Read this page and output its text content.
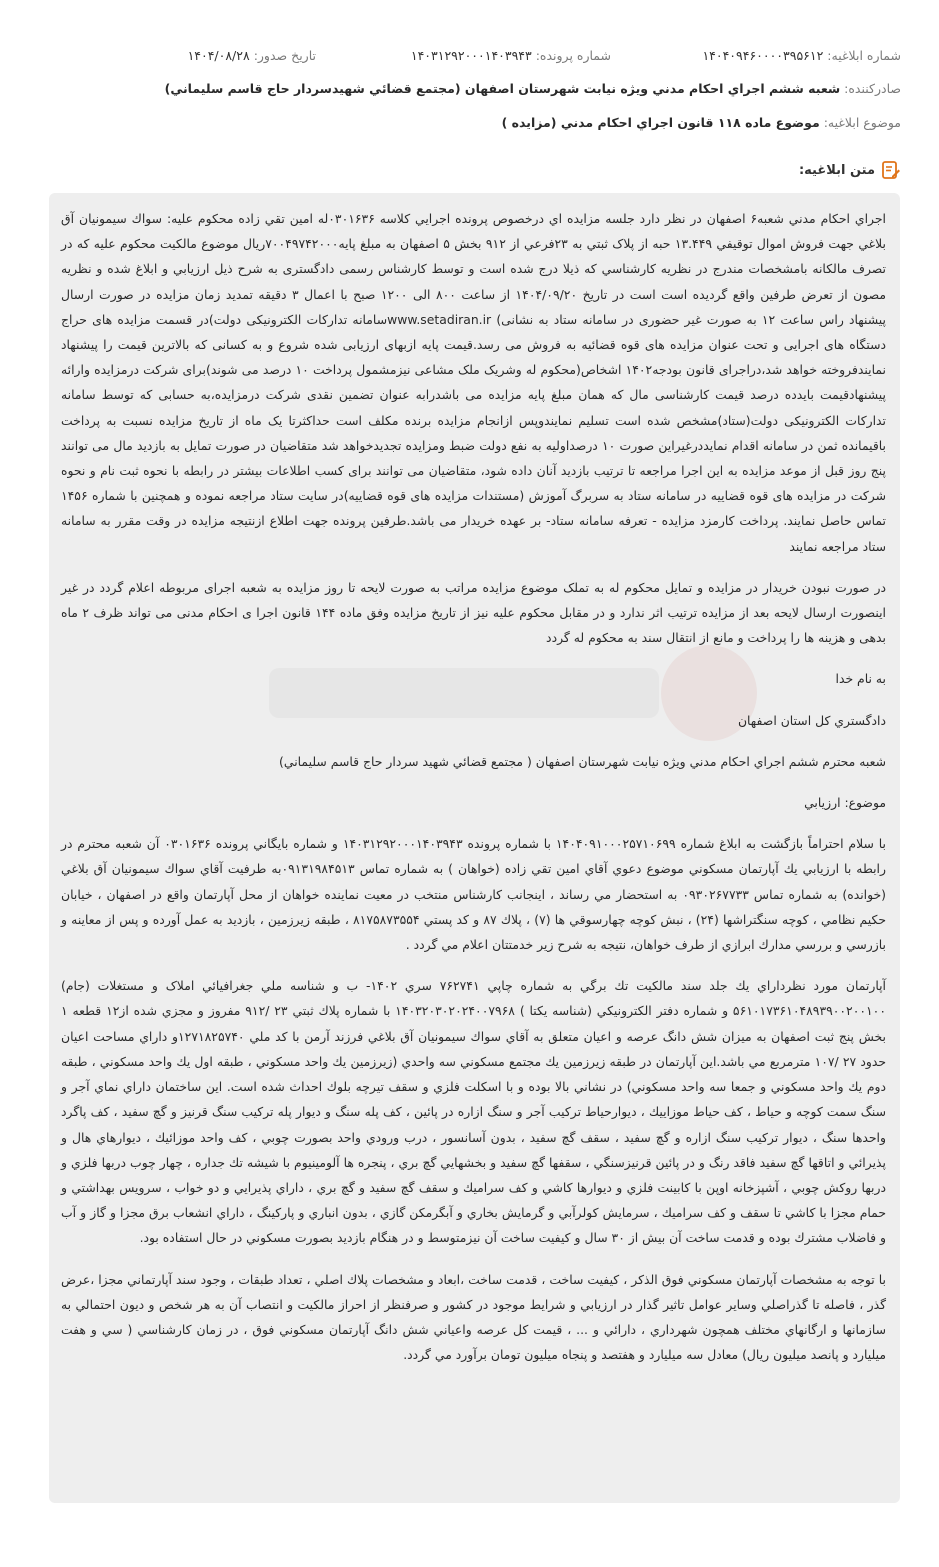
شماره ابلاغيه: ۱۴۰۴۰۹۴۶۰۰۰۰۳۹۵۶۱۲
شماره پرونده: ۱۴۰۳۱۲۹۲۰۰۰۱۴۰۳۹۴۳
تاريخ صدور: ۱۴۰۴/۰۸/۲۸
صادرکننده: شعبه ششم اجراي احكام مدني ويژه نيابت شهرستان اصفهان (مجتمع قضائي شهيدسردار حاج قاسم سليماني)
موضوع ابلاغيه: موضوع ماده ۱۱۸ قانون اجراي احکام مدني (مزايده )
متن ابلاغيه:

اجراي احكام مدني شعبه۶ اصفهان در نظر دارد جلسه مزايده اي درخصوص پرونده اجرايي كلاسه ۰۳۰۱۶۳۶له امين تقي زاده محكوم عليه: سواك سيمونيان آق بلاغي جهت فروش اموال توقيفي ۱۳.۴۴۹ حبه از پلاک ثبتي به ۲۳فرعي از ۹۱۲ بخش ۵ اصفهان به مبلغ پايه۷۰۰۴۹۷۴۲۰۰۰ريال موضوع مالكيت محكوم عليه كه در تصرف مالكانه بامشخصات مندرج در نظريه كارشناسي كه ذيلا درج شده است و توسط كارشناس رسمی دادگستری به شرح ذيل ارزيابي و ابلاغ شده و نظريه مصون از تعرض طرفين واقع گرديده است است در تاريخ ۱۴۰۴/۰۹/۲۰ از ساعت ۸۰۰ الی ۱۲۰۰ صبح با اعمال ۳ دقيقه تمديد زمان مزايده در صورت ارسال پيشنهاد راس ساعت ۱۲ به صورت غير حضوری در سامانه ستاد به نشانی) www.setadiran.irسامانه تداركات الكترونيكی دولت)در قسمت مزايده های حراج دستگاه های اجرايی و تحت عنوان مزايده های قوه قضائيه به فروش می رسد.قيمت پايه ازبهای ارزيابی شده شروع و به كسانی كه بالاترين قيمت را پيشنهاد نمايندفروخته خواهد شد،دراجرای قانون بودجه۱۴۰۲ اشخاص(محكوم له وشريک ملک مشاعی نيزمشمول پرداخت ۱۰ درصد می شوند)برای شركت درمزايده وارائه پيشنهادقيمت بايدده درصد قيمت كارشناسی مال كه همان مبلغ پايه مزايده می باشدرابه عنوان تضمين نقدی شركت درمزايده،به حسابی كه توسط سامانه تداركات الكترونيكی دولت(ستاد)مشخص شده است تسليم نمايندوپس ازانجام مزايده برنده مكلف است حداكثرتا يک ماه از تاريخ مزايده نسبت به پرداخت باقيمانده ثمن در سامانه اقدام نمايددرغيراين صورت ۱۰ درصداوليه به نفع دولت ضبط ومزايده تجديدخواهد شد متقاضيان در صورت تمايل به بازديد مال می توانند پنج روز قبل از موعد مزايده به اين اجرا مراجعه تا ترتيب بازديد آنان داده شود، متقاضيان می توانند برای كسب اطلاعات بيشتر در رابطه با نحوه ثبت نام و نحوه شركت در مزايده های قوه قضاييه در سامانه ستاد به سربرگ آموزش (مستندات مزايده های قوه قضاييه)در سايت ستاد مراجعه نموده و همچنين با شماره ۱۴۵۶ تماس حاصل نمايند. پرداخت كارمزد مزايده - تعرفه سامانه ستاد- بر عهده خريدار می باشد.طرفين پرونده جهت اطلاع ازنتيجه مزايده در وقت مقرر به سامانه ستاد مراجعه نمايند

در صورت نبودن خريدار در مزايده و تمايل محكوم له به تملک موضوع مزايده مراتب به صورت لايحه تا روز مزايده به شعبه اجرای مربوطه اعلام گردد در غير اينصورت ارسال لايحه بعد از مزايده ترتيب اثر ندارد و در مقابل محكوم عليه نيز از تاريخ مزايده وفق ماده ۱۴۴ قانون اجرا ی احكام مدنی می تواند ظرف ۲ ماه بدهی و هزينه ها را پرداخت و مانع از انتقال سند به محكوم له گردد

به نام خدا

دادگستري کل استان اصفهان

شعبه محترم ششم اجراي احكام مدني ويژه نيابت شهرستان اصفهان ( مجتمع قضائي شهيد سردار حاج قاسم سليماني)

موضوع: ارزيابي

با سلام احتراماً بازگشت به ابلاغ شماره ۱۴۰۴۰۹۱۰۰۰۲۵۷۱۰۶۹۹ با شماره پرونده ۱۴۰۳۱۲۹۲۰۰۰۱۴۰۳۹۴۳ و شماره بايگاني پرونده ۰۳۰۱۶۳۶ آن شعبه محترم در رابطه با ارزيابي يك آپارتمان مسكوني موضوع دعوي آقاي امين تقي زاده (خواهان ) به شماره تماس ۰۹۱۳۱۹۸۴۵۱۳به طرفيت آقاي سواك سيمونيان آق بلاغي (خوانده) به شماره تماس ۰۹۳۰۲۶۷۷۳۳ به استحضار مي رساند ، اينجانب كارشناس منتخب در معيت نماينده خواهان از محل آپارتمان واقع در اصفهان ، خيابان حكيم نظامي ، كوچه سنگتراشها (۲۴) ، نبش كوچه چهارسوقي ها (۷) ، پلاك ۸۷ و كد پستي ۸۱۷۵۸۷۳۵۵۴ ، طبقه زيرزمين ، بازديد به عمل آورده و پس از معاينه و بازرسي و بررسي مدارك ابرازي از طرف خواهان، نتيجه به شرح زير خدمتتان اعلام مي گردد .

آپارتمان مورد نظرداراي يك جلد سند مالكيت تك برگي به شماره چاپي ۷۶۲۷۴۱ سري ۱۴۰۲- ب و شناسه ملي جغرافيائي املاک و مستغلات (جام) ۵۶۱۰۱۷۳۶۱۰۴۸۹۳۹۰۰۲۰۰۱۰۰ و شماره دفتر الكترونيكي (شناسه يكتا ) ۱۴۰۳۲۰۳۰۲۰۲۴۰۰۷۹۶۸ با شماره پلاك ثبتي ۲۳ /۹۱۲ مفروز و مجزي شده از۱۲ قطعه ۱ بخش پنج ثبت اصفهان به ميزان شش دانگ عرصه و اعيان متعلق به آقاي سواك سيمونيان آق بلاغي فرزند آرمن با كد ملي ۱۲۷۱۸۲۵۷۴۰و داراي مساحت اعيان حدود ۲۷ /۱۰۷ مترمربع مي باشد.اين آپارتمان در طبقه زيرزمين يك مجتمع مسكوني سه واحدي (زيرزمين يك واحد مسكوني ، طبقه اول يك واحد مسكوني ، طبقه دوم يك واحد مسكوني و جمعا سه واحد مسكوني) در نشاني بالا بوده و با اسكلت فلزي و سقف تيرچه بلوك احداث شده است. اين ساختمان داراي نماي آجر و سنگ سمت كوچه و حياط ، كف حياط موزاييك ، ديوارحياط تركيب آجر و سنگ ازاره در پائين ، كف پله سنگ و ديوار پله تركيب سنگ قرنيز و گچ سفيد ، كف پاگرد واحدها سنگ ، ديوار تركيب سنگ ازاره و گچ سفيد ، سقف گچ سفيد ، بدون آسانسور ، درب ورودي واحد بصورت چوبي ، كف واحد موزائيك ، ديوارهاي هال و پذيرائي و اتاقها گچ سفيد فاقد رنگ و در پائين قرنيزسنگي ، سقفها گچ سفيد و بخشهايي گچ بري ، پنجره ها آلومينيوم با شيشه تك جداره ، چهار چوب دربها فلزي و دربها روكش چوبي ، آشپزخانه اوپن با كابينت فلزي و ديوارها كاشي و كف سراميك و سقف گچ سفيد و گچ بري ، داراي پذيرايي و دو خواب ، سرويس بهداشتي و حمام مجزا با كاشي تا سقف و كف سراميك ، سرمايش كولرآبي و گرمايش بخاري و آبگرمكن گازي ، بدون انباري و پاركينگ ، داراي انشعاب برق مجزا و گاز و آب و فاضلاب مشترك بوده و قدمت ساخت آن بيش از ۳۰ سال و كيفيت ساخت آن نيزمتوسط و در هنگام بازديد بصورت مسكوني در حال استفاده بود.

با توجه به مشخصات آپارتمان مسكوني فوق الذكر ، كيفيت ساخت ، قدمت ساخت ،ابعاد و مشخصات پلاك اصلي ، تعداد طبقات ، وجود سند آپارتماني مجزا ،عرض گذر ، فاصله تا گذراصلي وساير عوامل تاثير گذار در ارزيابي و شرايط موجود در كشور و صرفنظر از احراز مالكيت و انتصاب آن به هر شخص و ديون احتمالي به سازمانها و ارگانهاي مختلف همچون شهرداري ، دارائي و ... ، قيمت كل عرصه واعياني شش دانگ آپارتمان مسكوني فوق ، در زمان كارشناسي ( سي و هفت ميليارد و پانصد ميليون ريال) معادل سه ميليارد و هفتصد و پنجاه ميليون تومان برآورد مي گردد.
